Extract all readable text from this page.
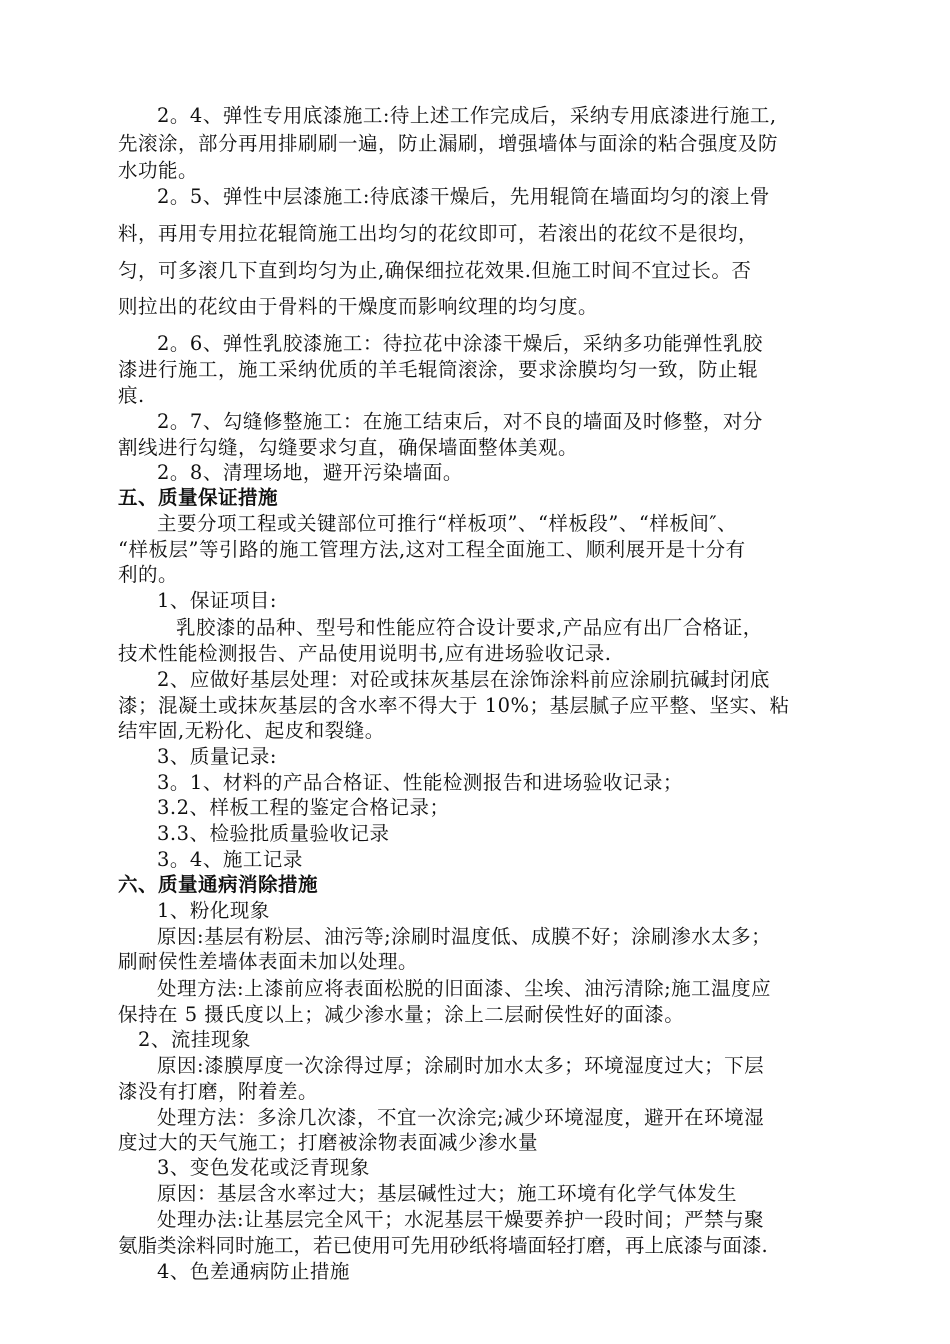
2。4、弹性专用底漆施工:待上述工作完成后，采纳专用底漆进行施工,
先滚涂，部分再用排刷刷一遍，防止漏刷，增强墙体与面涂的粘合强度及防
水功能。
2。5、弹性中层漆施工:待底漆干燥后，先用辊筒在墙面均匀的滚上骨
料，再用专用拉花辊筒施工出均匀的花纹即可，若滚出的花纹不是很均，
匀，可多滚几下直到均匀为止,确保细拉花效果.但施工时间不宜过长。否
则拉出的花纹由于骨料的干燥度而影响纹理的均匀度。
2。6、弹性乳胶漆施工：待拉花中涂漆干燥后，采纳多功能弹性乳胶
漆进行施工，施工采纳优质的羊毛辊筒滚涂，要求涂膜均匀一致，防止辊
痕.
2。7、勾缝修整施工：在施工结束后，对不良的墙面及时修整，对分
割线进行勾缝，勾缝要求匀直，确保墙面整体美观。
2。8、清理场地，避开污染墙面。
五、质量保证措施
主要分项工程或关键部位可推行“样板项”、“样板段”、“样板间″、
“样板层”等引路的施工管理方法,这对工程全面施工、顺利展开是十分有
利的。
1、保证项目:
乳胶漆的品种、型号和性能应符合设计要求,产品应有出厂合格证，
技术性能检测报告、产品使用说明书,应有进场验收记录.
2、应做好基层处理：对砼或抹灰基层在涂饰涂料前应涂刷抗碱封闭底
漆；混凝土或抹灰基层的含水率不得大于 10%；基层腻子应平整、坚实、粘
结牢固,无粉化、起皮和裂缝。
3、质量记录:
3。1、材料的产品合格证、性能检测报告和进场验收记录；
3.2、样板工程的鉴定合格记录；
3.3、检验批质量验收记录
3。4、施工记录
六、质量通病消除措施
1、粉化现象
原因:基层有粉层、油污等;涂刷时温度低、成膜不好；涂刷渗水太多；
刷耐侯性差墙体表面未加以处理。
处理方法:上漆前应将表面松脱的旧面漆、尘埃、油污清除;施工温度应
保持在 5 摄氏度以上；减少渗水量；涂上二层耐侯性好的面漆。
2、流挂现象
原因:漆膜厚度一次涂得过厚；涂刷时加水太多；环境湿度过大；下层
漆没有打磨，附着差。
处理方法：多涂几次漆，不宜一次涂完;减少环境湿度，避开在环境湿
度过大的天气施工；打磨被涂物表面减少渗水量
3、变色发花或泛青现象
原因：基层含水率过大；基层碱性过大；施工环境有化学气体发生
处理办法:让基层完全风干；水泥基层干燥要养护一段时间；严禁与聚
氨脂类涂料同时施工，若已使用可先用砂纸将墙面轻打磨，再上底漆与面漆.
4、色差通病防止措施
